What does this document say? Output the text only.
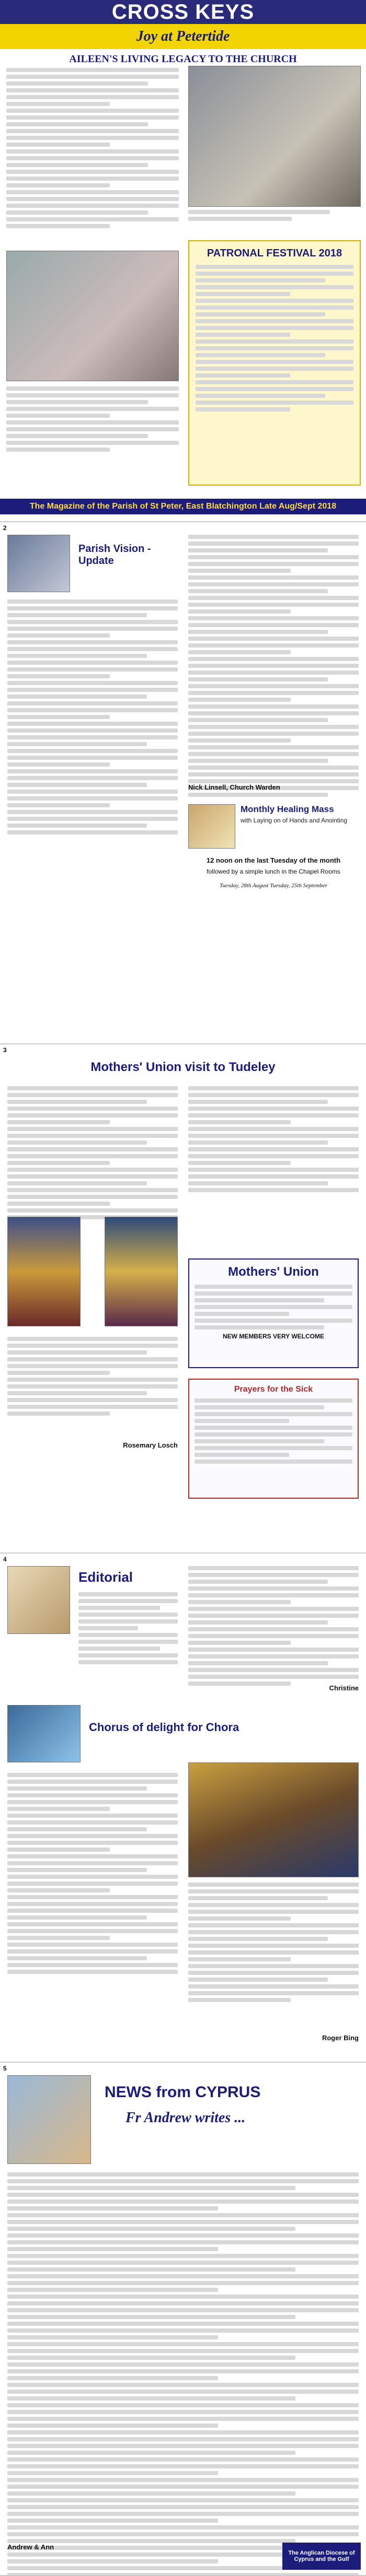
CROSS KEYS
Joy at Petertide
AILEEN'S LIVING LEGACY TO THE CHURCH
PATRONAL FESTIVAL 2018
The Magazine of the Parish of St Peter, East Blatchington Late Aug/Sept 2018
2
Parish Vision - Update
Nick Linsell, Church Warden
Monthly Healing Mass
with Laying on of Hands and Anointing
12 noon on the last Tuesday of the month
followed by a simple lunch in the Chapel Rooms
Tuesday, 28th August Tuesday, 25th September
3
Mothers' Union visit to Tudeley
Rosemary Losch
Mothers' Union
NEW MEMBERS VERY WELCOME
Prayers for the Sick
4
Editorial
Christine
Chorus of delight for Chora
Roger Bing
5
NEWS from CYPRUS
Fr Andrew writes ...
Andrew & Ann
The Anglican Diocese of Cyprus and the Gulf
